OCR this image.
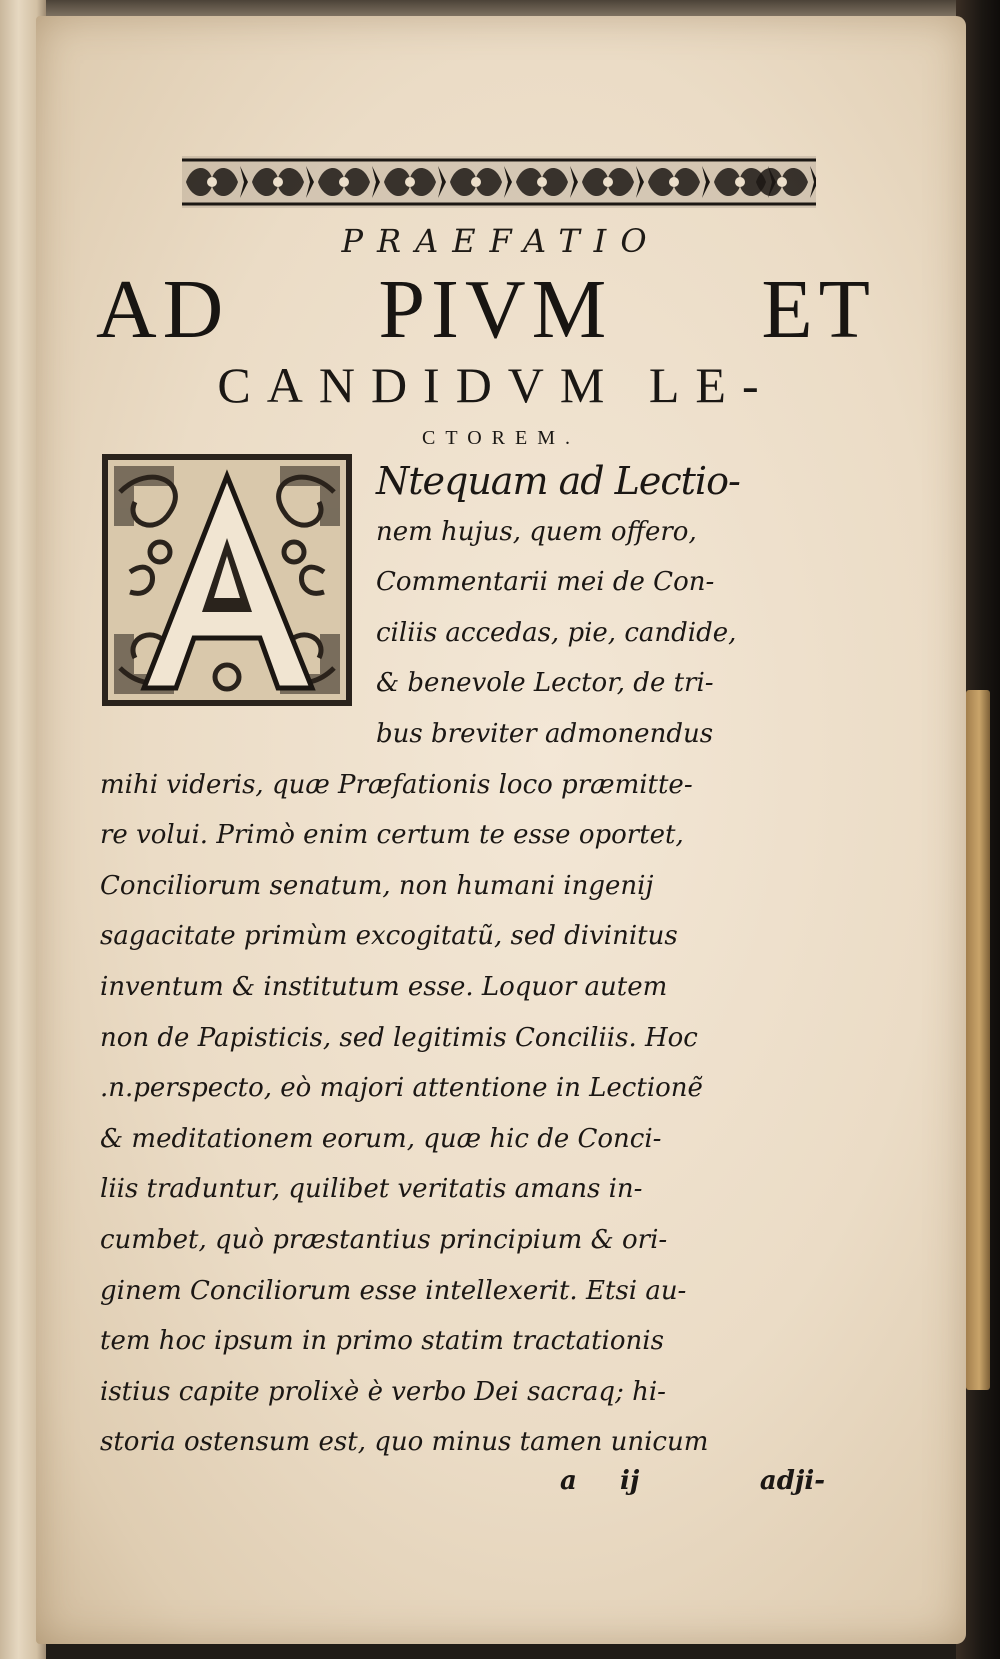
PRAEFATIO
AD PIVM ET
CANDIDVM LE-
CTOREM.
Ntequam ad Lectio-
nem hujus, quem offero,
Commentarii mei de Con-
ciliis accedas, pie, candide,
& benevole Lector, de tri-
bus breviter admonendus
mihi videris, quæ Præfationis loco præmitte-
re volui. Primò enim certum te esse oportet,
Conciliorum senatum, non humani ingenij
sagacitate primùm excogitatũ, sed divinitus
inventum & institutum esse. Loquor autem
non de Papisticis, sed legitimis Conciliis. Hoc
.n.perspecto, eò majori attentione in Lectionẽ
& meditationem eorum, quæ hic de Conci-
liis traduntur, quilibet veritatis amans in-
cumbet, quò præstantius principium & ori-
ginem Conciliorum esse intellexerit. Etsi au-
tem hoc ipsum in primo statim tractationis
istius capite prolixè è verbo Dei sacraq; hi-
storia ostensum est, quo minus tamen unicum
a ij	adji-
